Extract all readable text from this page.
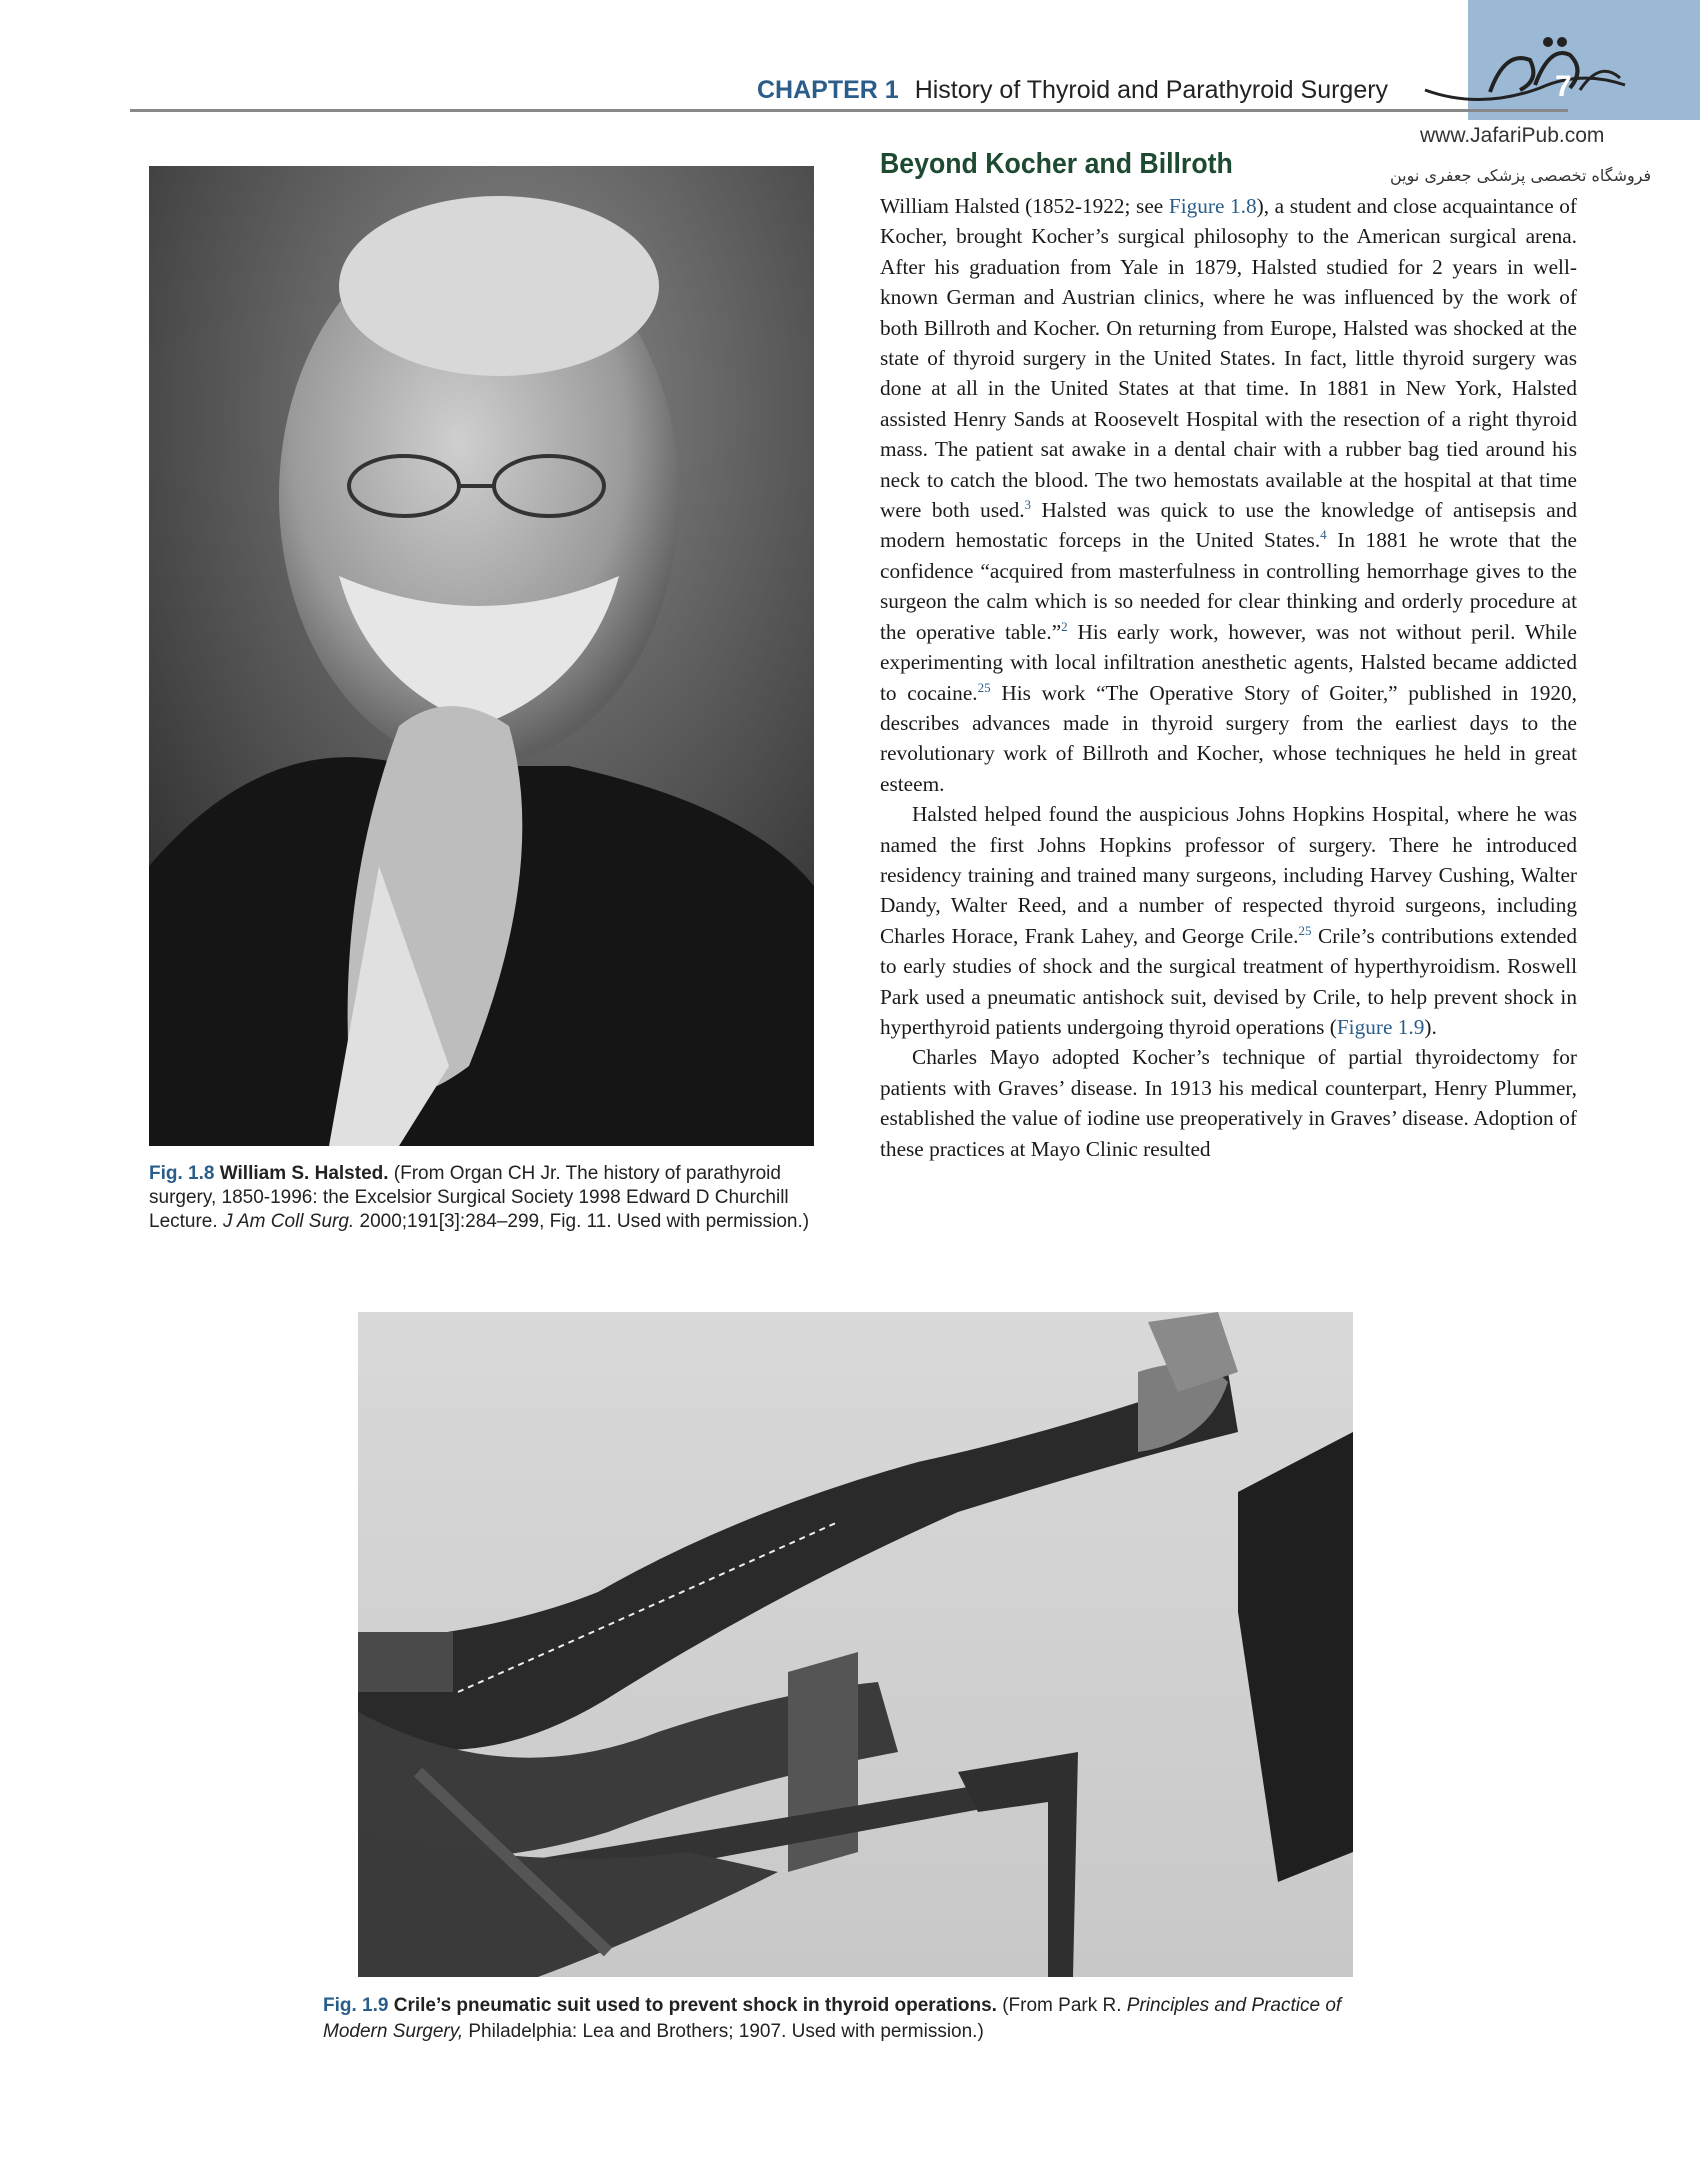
7
www.JafariPub.com
فروشگاه تخصصی پزشکی جعفری نوین
CHAPTER 1 History of Thyroid and Parathyroid Surgery
Fig. 1.8 William S. Halsted. (From Organ CH Jr. The history of parathyroid surgery, 1850-1996: the Excelsior Surgical Society 1998 Edward D Churchill Lecture. J Am Coll Surg. 2000;191[3]:284–299, Fig. 11. Used with permission.)
Beyond Kocher and Billroth

William Halsted (1852-1922; see Figure 1.8), a student and close acquaintance of Kocher, brought Kocher’s surgical philosophy to the American surgical arena. After his graduation from Yale in 1879, Halsted studied for 2 years in well-known German and Austrian clinics, where he was influenced by the work of both Billroth and Kocher. On returning from Europe, Halsted was shocked at the state of thyroid surgery in the United States. In fact, little thyroid surgery was done at all in the United States at that time. In 1881 in New York, Halsted assisted Henry Sands at Roosevelt Hospital with the resection of a right thyroid mass. The patient sat awake in a dental chair with a rubber bag tied around his neck to catch the blood. The two hemostats available at the hospital at that time were both used.$^3$ Halsted was quick to use the knowledge of antisepsis and modern hemostatic forceps in the United States.$^4$ In 1881 he wrote that the confidence “acquired from masterfulness in controlling hemorrhage gives to the surgeon the calm which is so needed for clear thinking and orderly procedure at the operative table.”$^2$ His early work, however, was not without peril. While experimenting with local infiltration anesthetic agents, Halsted became addicted to cocaine.$^{25}$ His work “The Operative Story of Goiter,” published in 1920, describes advances made in thyroid surgery from the earliest days to the revolutionary work of Billroth and Kocher, whose techniques he held in great esteem.

Halsted helped found the auspicious Johns Hopkins Hospital, where he was named the first Johns Hopkins professor of surgery. There he introduced residency training and trained many surgeons, including Harvey Cushing, Walter Dandy, Walter Reed, and a number of respected thyroid surgeons, including Charles Horace, Frank Lahey, and George Crile.$^{25}$ Crile’s contributions extended to early studies of shock and the surgical treatment of hyperthyroidism. Roswell Park used a pneumatic antishock suit, devised by Crile, to help prevent shock in hyperthyroid patients undergoing thyroid operations (Figure 1.9).

Charles Mayo adopted Kocher’s technique of partial thyroidectomy for patients with Graves’ disease. In 1913 his medical counterpart, Henry Plummer, established the value of iodine use preoperatively in Graves’ disease. Adoption of these practices at Mayo Clinic resulted

Fig. 1.9 Crile’s pneumatic suit used to prevent shock in thyroid operations. (From Park R. Principles and Practice of Modern Surgery, Philadelphia: Lea and Brothers; 1907. Used with permission.)
